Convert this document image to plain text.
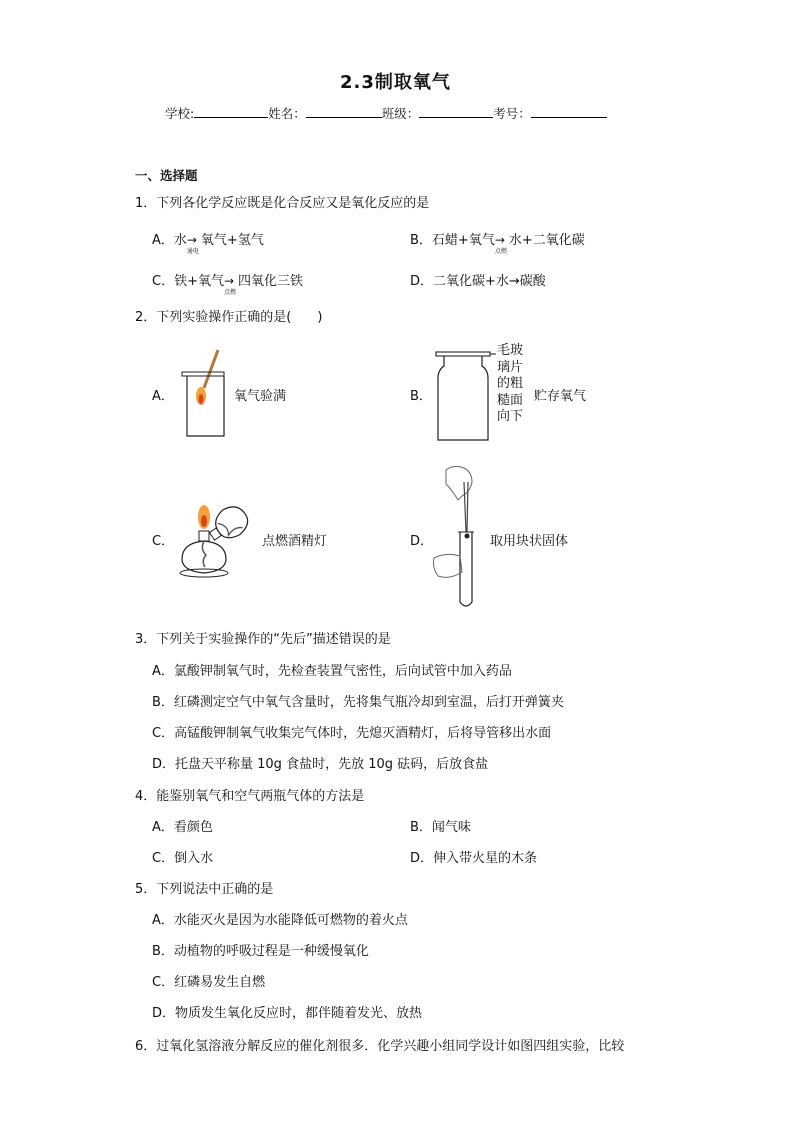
2.3制取氧气
学校:	姓名：	班级：	考号：
一、选择题
1．下列各化学反应既是化合反应又是氧化反应的是
A．水→
通电
氧气+氢气	B．石蜡+氧气→
点燃
水+二氧化碳
C．铁+氧气→
点燃
四氧化三铁	D．二氧化碳+水→碳酸
2．下列实验操作正确的是(　　)
A．	氧气验满	B．
毛玻
璃片
的粗
糙面
向下
贮存氧气
C．	点燃酒精灯	D．	取用块状固体
3．下列关于实验操作的“先后”描述错误的是
A．氯酸钾制氧气时，先检查装置气密性，后向试管中加入药品
B．红磷测定空气中氧气含量时，先将集气瓶冷却到室温，后打开弹簧夹
C．高锰酸钾制氧气收集完气体时，先熄灭酒精灯，后将导管移出水面
D．托盘天平称量 10g 食盐时，先放 10g 砝码，后放食盐
4．能鉴别氧气和空气两瓶气体的方法是
A．看颜色	B．闻气味
C．倒入水	D．伸入带火星的木条
5．下列说法中正确的是
A．水能灭火是因为水能降低可燃物的着火点
B．动植物的呼吸过程是一种缓慢氧化
C．红磷易发生自燃
D．物质发生氧化反应时，都伴随着发光、放热
6．过氧化氢溶液分解反应的催化剂很多．化学兴趣小组同学设计如图四组实验，比较
